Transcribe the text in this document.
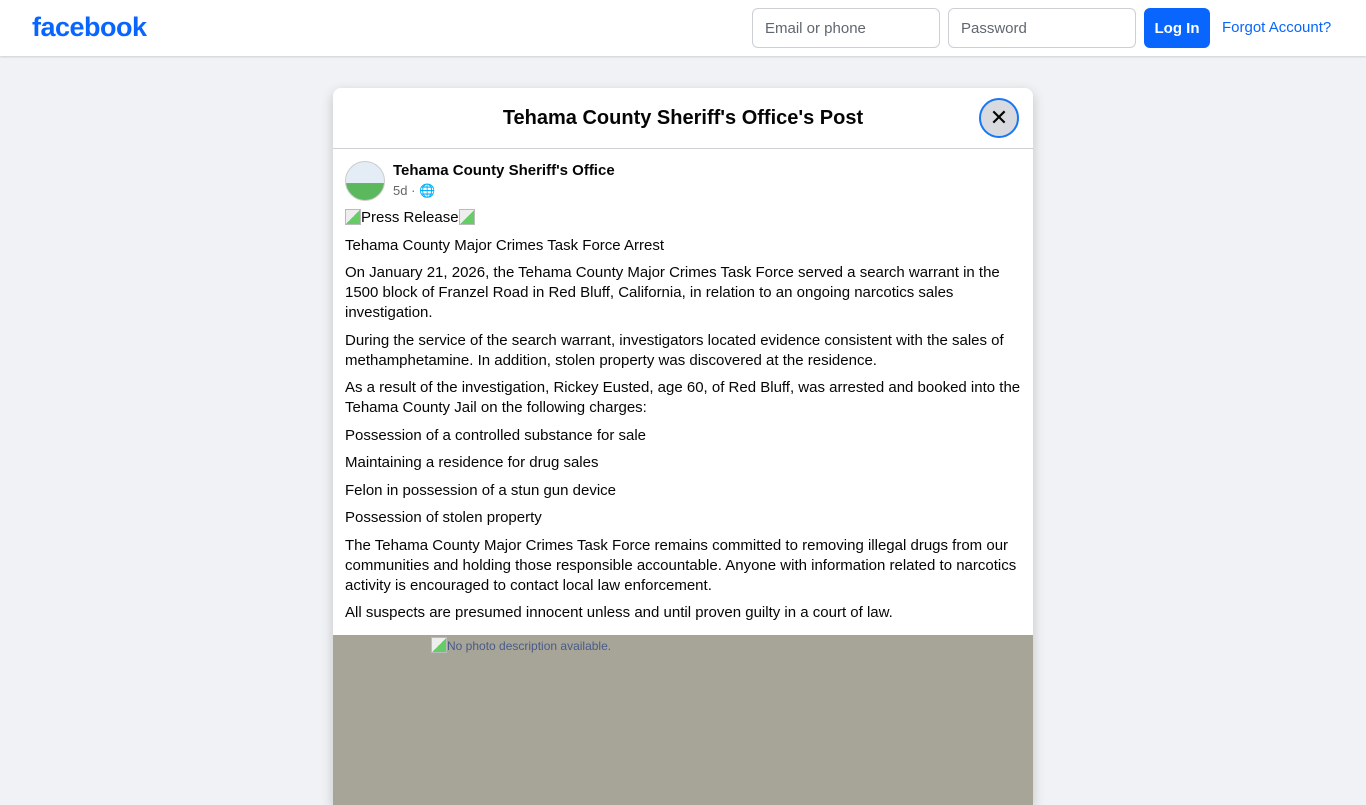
facebook	Email or phone	Password	Log In	Forgot Account?
Tehama County Sheriff's Office's Post	✕
Tehama County Sheriff's Office
5d · 🌐

Press Release

Tehama County Major Crimes Task Force Arrest

On January 21, 2026, the Tehama County Major Crimes Task Force served a search warrant in the 1500 block of Franzel Road in Red Bluff, California, in relation to an ongoing narcotics sales investigation.

During the service of the search warrant, investigators located evidence consistent with the sales of methamphetamine. In addition, stolen property was discovered at the residence.

As a result of the investigation, Rickey Eusted, age 60, of Red Bluff, was arrested and booked into the Tehama County Jail on the following charges:

Possession of a controlled substance for sale

Maintaining a residence for drug sales

Felon in possession of a stun gun device

Possession of stolen property

The Tehama County Major Crimes Task Force remains committed to removing illegal drugs from our communities and holding those responsible accountable. Anyone with information related to narcotics activity is encouraged to contact local law enforcement.

All suspects are presumed innocent unless and until proven guilty in a court of law.

No photo description available.
